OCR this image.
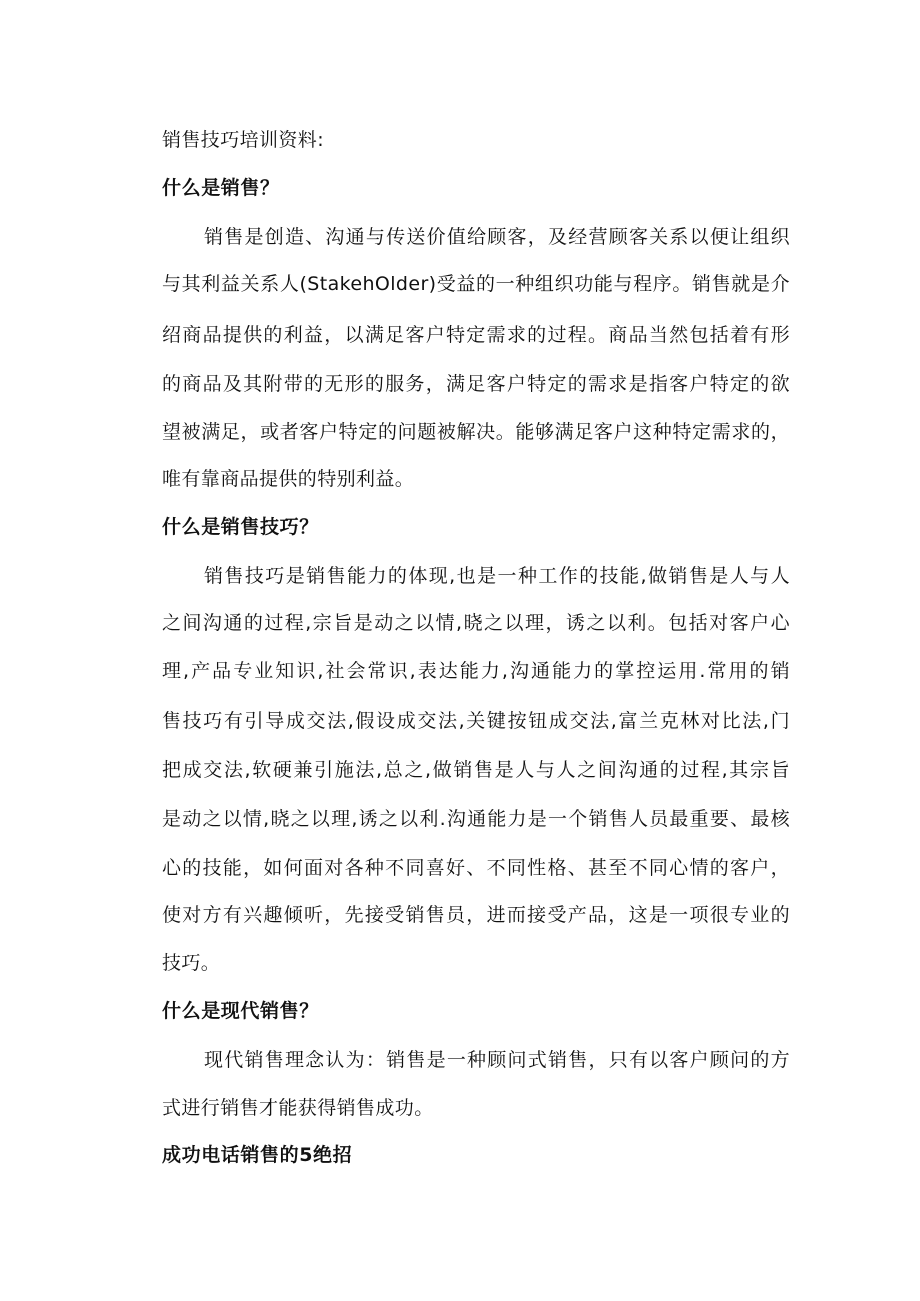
销售技巧培训资料:

什么是销售？

销售是创造、沟通与传送价值给顾客，及经营顾客关系以便让组织

与其利益关系人(StakehOlder)受益的一种组织功能与程序。销售就是介

绍商品提供的利益，以满足客户特定需求的过程。商品当然包括着有形

的商品及其附带的无形的服务，满足客户特定的需求是指客户特定的欲

望被满足，或者客户特定的问题被解决。能够满足客户这种特定需求的，

唯有靠商品提供的特别利益。

什么是销售技巧？

销售技巧是销售能力的体现,也是一种工作的技能,做销售是人与人

之间沟通的过程,宗旨是动之以情,晓之以理，诱之以利。包括对客户心

理,产品专业知识,社会常识,表达能力,沟通能力的掌控运用.常用的销

售技巧有引导成交法,假设成交法,关键按钮成交法,富兰克林对比法,门

把成交法,软硬兼引施法,总之,做销售是人与人之间沟通的过程,其宗旨

是动之以情,晓之以理,诱之以利.沟通能力是一个销售人员最重要、最核

心的技能，如何面对各种不同喜好、不同性格、甚至不同心情的客户，

使对方有兴趣倾听，先接受销售员，进而接受产品，这是一项很专业的

技巧。

什么是现代销售？

现代销售理念认为：销售是一种顾问式销售，只有以客户顾问的方

式进行销售才能获得销售成功。

成功电话销售的5绝招
